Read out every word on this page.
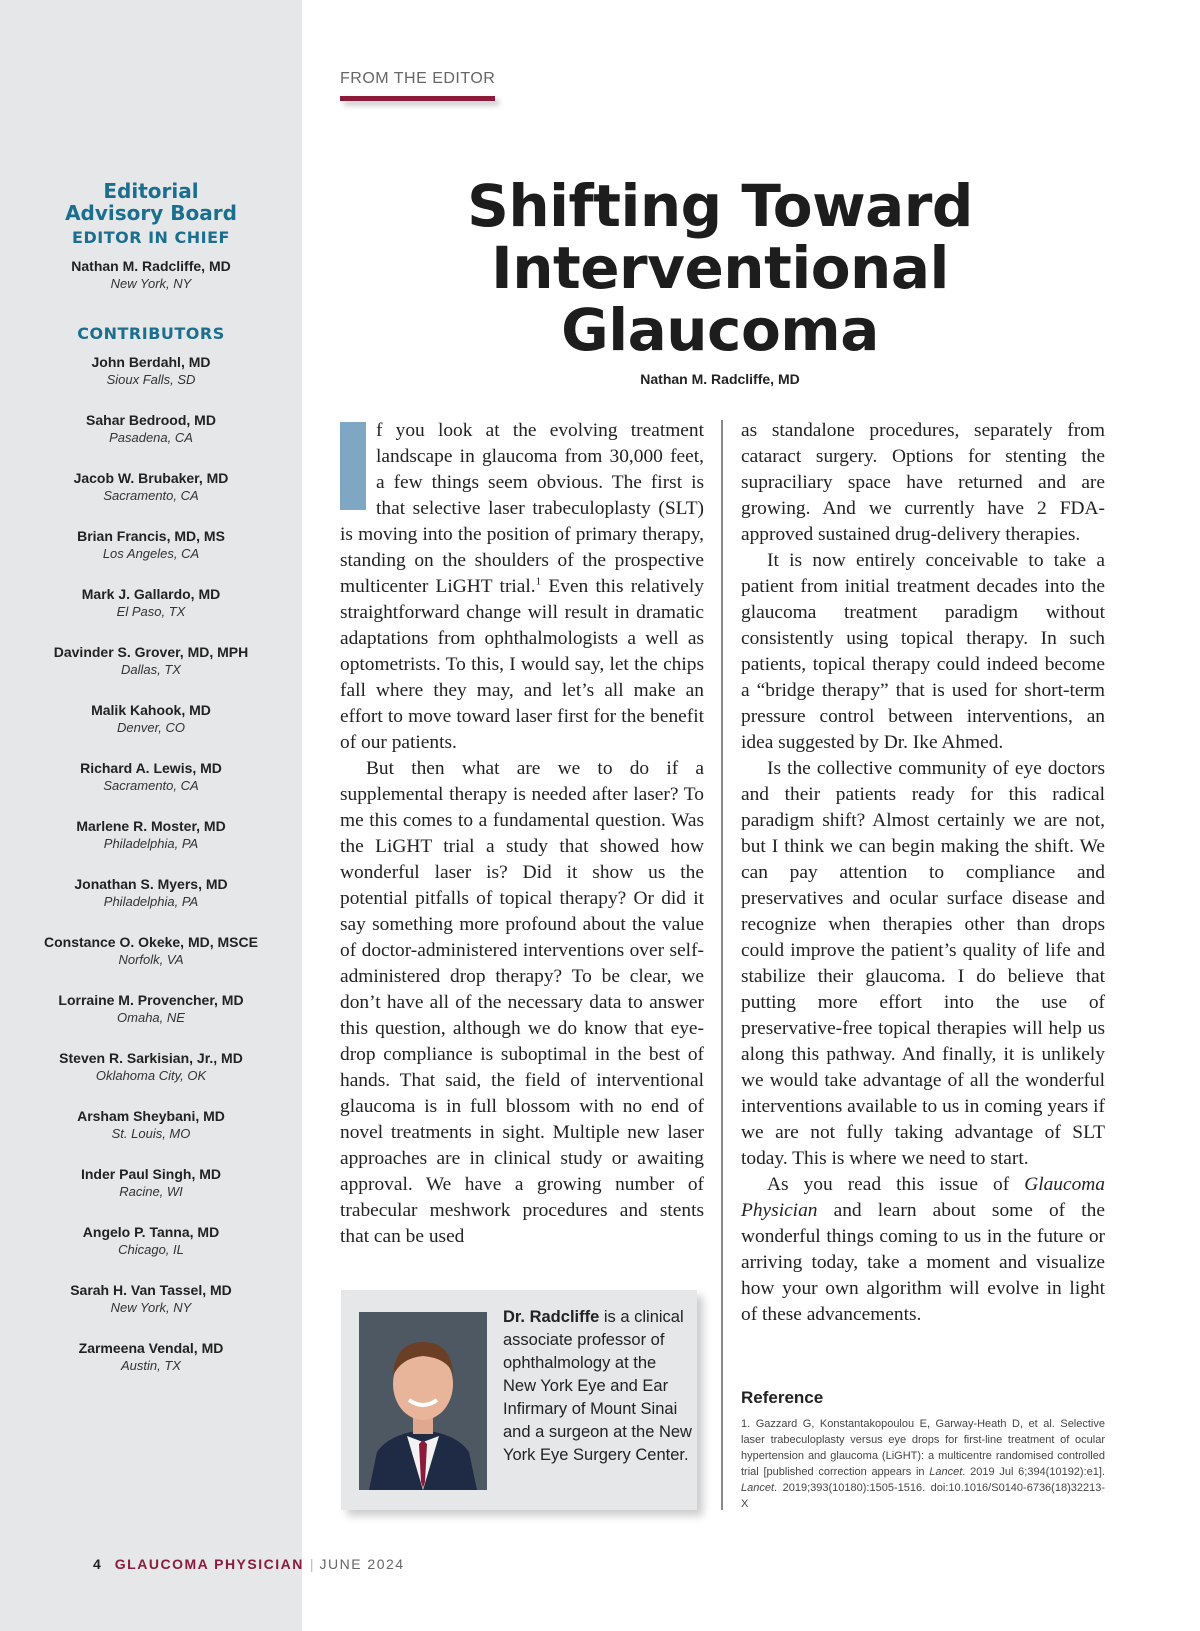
Editorial
Advisory Board
EDITOR IN CHIEF
Nathan M. Radcliffe, MD
New York, NY
CONTRIBUTORS
John Berdahl, MD
Sioux Falls, SD
Sahar Bedrood, MD
Pasadena, CA
Jacob W. Brubaker, MD
Sacramento, CA
Brian Francis, MD, MS
Los Angeles, CA
Mark J. Gallardo, MD
El Paso, TX
Davinder S. Grover, MD, MPH
Dallas, TX
Malik Kahook, MD
Denver, CO
Richard A. Lewis, MD
Sacramento, CA
Marlene R. Moster, MD
Philadelphia, PA
Jonathan S. Myers, MD
Philadelphia, PA
Constance O. Okeke, MD, MSCE
Norfolk, VA
Lorraine M. Provencher, MD
Omaha, NE
Steven R. Sarkisian, Jr., MD
Oklahoma City, OK
Arsham Sheybani, MD
St. Louis, MO
Inder Paul Singh, MD
Racine, WI
Angelo P. Tanna, MD
Chicago, IL
Sarah H. Van Tassel, MD
New York, NY
Zarmeena Vendal, MD
Austin, TX
FROM THE EDITOR
Shifting Toward
Interventional
Glaucoma
Nathan M. Radcliffe, MD

f you look at the evolving treatment landscape in glaucoma from 30,000 feet, a few things seem obvious. The first is that selective laser trabeculoplasty (SLT) is moving into the position of primary therapy, standing on the shoulders of the prospective multicenter LiGHT trial.$^1$ Even this relatively straightforward change will result in dramatic adaptations from ophthalmologists a well as optometrists. To this, I would say, let the chips fall where they may, and let’s all make an effort to move toward laser first for the benefit of our patients.

But then what are we to do if a supplemental therapy is needed after laser? To me this comes to a fundamental question. Was the LiGHT trial a study that showed how wonderful laser is? Did it show us the potential pitfalls of topical therapy? Or did it say something more profound about the value of doctor-administered interventions over self-administered drop therapy? To be clear, we don’t have all of the necessary data to answer this question, although we do know that eye-drop compliance is suboptimal in the best of hands. That said, the field of interventional glaucoma is in full blossom with no end of novel treatments in sight. Multiple new laser approaches are in clinical study or awaiting approval. We have a growing number of trabecular meshwork procedures and stents that can be used

as standalone procedures, separately from cataract surgery. Options for stenting the supraciliary space have returned and are growing. And we currently have 2 FDA-approved sustained drug-delivery therapies.

It is now entirely conceivable to take a patient from initial treatment decades into the glaucoma treatment paradigm without consistently using topical therapy. In such patients, topical therapy could indeed become a “bridge therapy” that is used for short-term pressure control between interventions, an idea suggested by Dr. Ike Ahmed.

Is the collective community of eye doctors and their patients ready for this radical paradigm shift? Almost certainly we are not, but I think we can begin making the shift. We can pay attention to compliance and preservatives and ocular surface disease and recognize when therapies other than drops could improve the patient’s quality of life and stabilize their glaucoma. I do believe that putting more effort into the use of preservative-free topical therapies will help us along this pathway. And finally, it is unlikely we would take advantage of all the wonderful interventions available to us in coming years if we are not fully taking advantage of SLT today. This is where we need to start.

As you read this issue of Glaucoma Physician and learn about some of the wonderful things coming to us in the future or arriving today, take a moment and visualize how your own algorithm will evolve in light of these advancements.

Dr. Radcliffe is a clinical associate professor of ophthalmology at the New York Eye and Ear Infirmary of Mount Sinai and a surgeon at the New York Eye Surgery Center.
Reference
1. Gazzard G, Konstantakopoulou E, Garway-Heath D, et al. Selective laser trabeculoplasty versus eye drops for first-line treatment of ocular hypertension and glaucoma (LiGHT): a multicentre randomised controlled trial [published correction appears in Lancet. 2019 Jul 6;394(10192):e1]. Lancet. 2019;393(10180):1505-1516. doi:10.1016/S0140-6736(18)32213-X
4 GLAUCOMA PHYSICIAN | JUNE 2024
